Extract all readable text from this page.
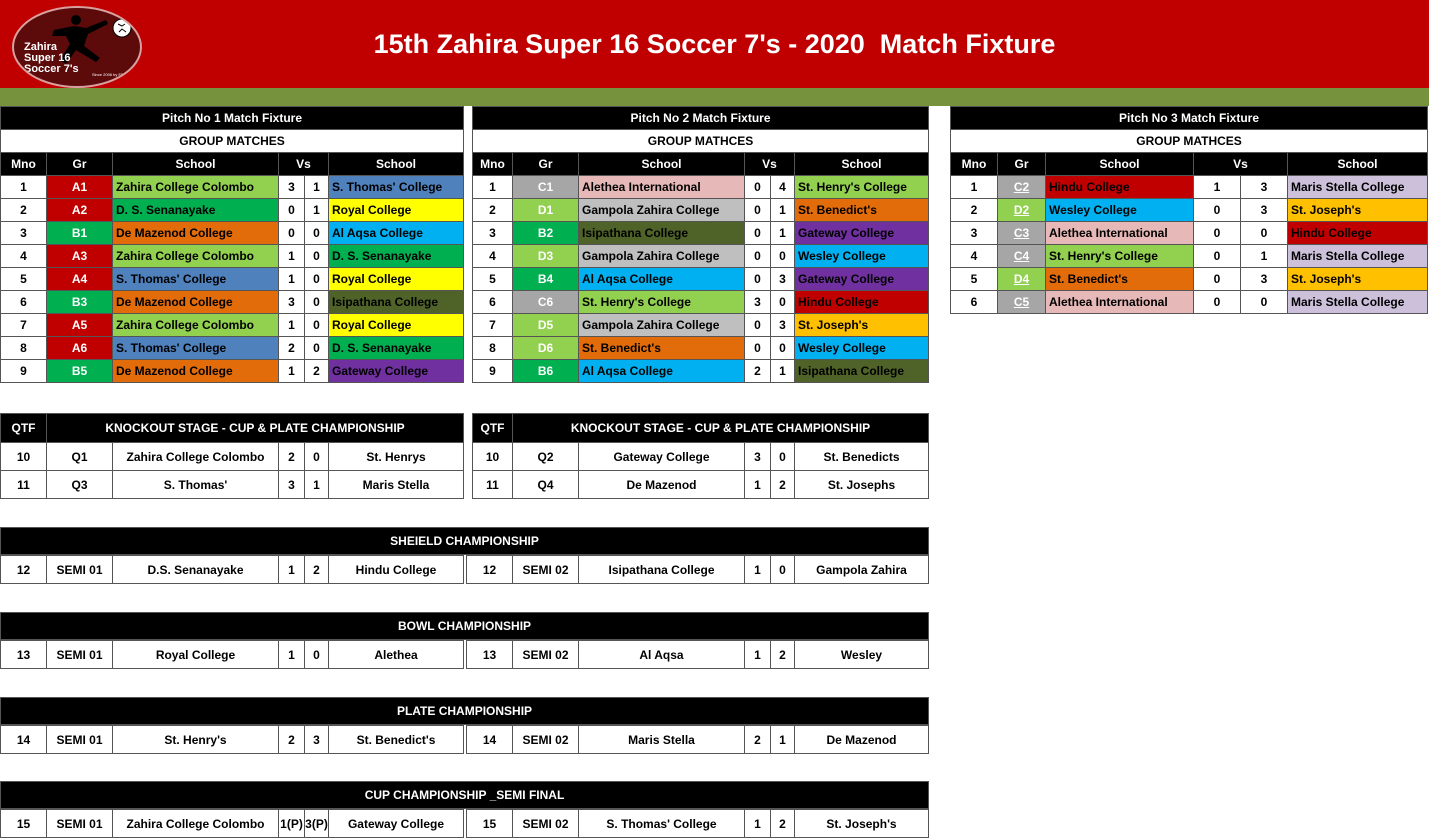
Zahira
Super 16
Soccer 7's	Since 2006 by FFA
15th Zahira Super 16 Soccer 7's - 2020  Match Fixture
Pitch No 1 Match Fixture					
GROUP MATCHES					
Mno	Gr	School	Vs		School
1	A1	Zahira College Colombo	3	1	S. Thomas' College
2	A2	D. S. Senanayake	0	1	Royal College
3	B1	De Mazenod College	0	0	Al Aqsa College
4	A3	Zahira College Colombo	1	0	D. S. Senanayake
5	A4	S. Thomas' College	1	0	Royal College
6	B3	De Mazenod College	3	0	Isipathana College
7	A5	Zahira College Colombo	1	0	Royal College
8	A6	S. Thomas' College	2	0	D. S. Senanayake
9	B5	De Mazenod College	1	2	Gateway College
Pitch No 2 Match Fixture					
GROUP MATHCES					
Mno	Gr	School	Vs		School
1	C1	Alethea International	0	4	St. Henry's College
2	D1	Gampola Zahira College	0	1	St. Benedict's
3	B2	Isipathana College	0	1	Gateway College
4	D3	Gampola Zahira College	0	0	Wesley College
5	B4	Al Aqsa College	0	3	Gateway College
6	C6	St. Henry's College	3	0	Hindu College
7	D5	Gampola Zahira College	0	3	St. Joseph's
8	D6	St. Benedict's	0	0	Wesley College
9	B6	Al Aqsa College	2	1	Isipathana College
Pitch No 3 Match Fixture					
GROUP MATHCES					
Mno	Gr	School	Vs		School
1	C2	Hindu College	1	3	Maris Stella College
2	D2	Wesley College	0	3	St. Joseph's
3	C3	Alethea International	0	0	Hindu College
4	C4	St. Henry's College	0	1	Maris Stella College
5	D4	St. Benedict's	0	3	St. Joseph's
6	C5	Alethea International	0	0	Maris Stella College
QTF	KNOCKOUT STAGE - CUP & PLATE CHAMPIONSHIP				
10	Q1	Zahira College Colombo	2	0	St. Henrys
11	Q3	S. Thomas'	3	1	Maris Stella
QTF	KNOCKOUT STAGE - CUP & PLATE CHAMPIONSHIP				
10	Q2	Gateway College	3	0	St. Benedicts
11	Q4	De Mazenod	1	2	St. Josephs
SHEIELD CHAMPIONSHIP
12	SEMI 01	D.S. Senanayake	1	2	Hindu College	12	SEMI 02	Isipathana College	1	0	Gampola Zahira
BOWL CHAMPIONSHIP
13	SEMI 01	Royal College	1	0	Alethea	13	SEMI 02	Al Aqsa	1	2	Wesley
PLATE CHAMPIONSHIP
14	SEMI 01	St. Henry's	2	3	St. Benedict's	14	SEMI 02	Maris Stella	2	1	De Mazenod
CUP CHAMPIONSHIP _SEMI FINAL
15	SEMI 01	Zahira College Colombo	1(P)	3(P)	Gateway College	15	SEMI 02	S. Thomas' College	1	2	St. Joseph's
